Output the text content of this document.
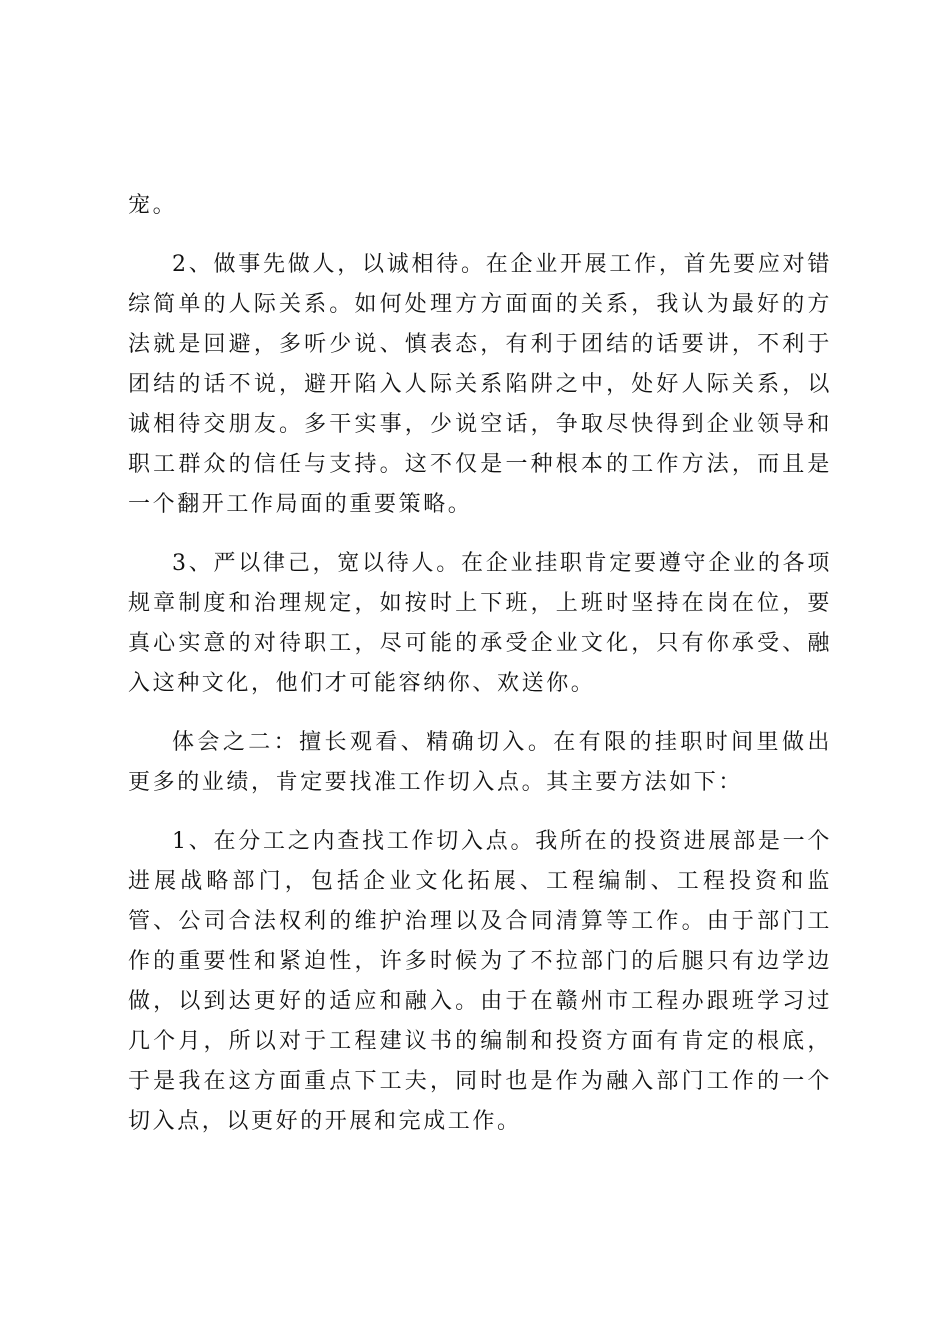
宠。

2、做事先做人，以诚相待。在企业开展工作，首先要应对错综简单的人际关系。如何处理方方面面的关系，我认为最好的方法就是回避，多听少说、慎表态，有利于团结的话要讲，不利于团结的话不说，避开陷入人际关系陷阱之中，处好人际关系，以诚相待交朋友。多干实事，少说空话，争取尽快得到企业领导和职工群众的信任与支持。这不仅是一种根本的工作方法，而且是一个翻开工作局面的重要策略。

3、严以律己，宽以待人。在企业挂职肯定要遵守企业的各项规章制度和治理规定，如按时上下班，上班时坚持在岗在位，要真心实意的对待职工，尽可能的承受企业文化，只有你承受、融入这种文化，他们才可能容纳你、欢送你。

体会之二：擅长观看、精确切入。在有限的挂职时间里做出更多的业绩，肯定要找准工作切入点。其主要方法如下：

1、在分工之内查找工作切入点。我所在的投资进展部是一个进展战略部门，包括企业文化拓展、工程编制、工程投资和监管、公司合法权利的维护治理以及合同清算等工作。由于部门工作的重要性和紧迫性，许多时候为了不拉部门的后腿只有边学边做，以到达更好的适应和融入。由于在赣州市工程办跟班学习过几个月，所以对于工程建议书的编制和投资方面有肯定的根底，于是我在这方面重点下工夫，同时也是作为融入部门工作的一个切入点，以更好的开展和完成工作。
